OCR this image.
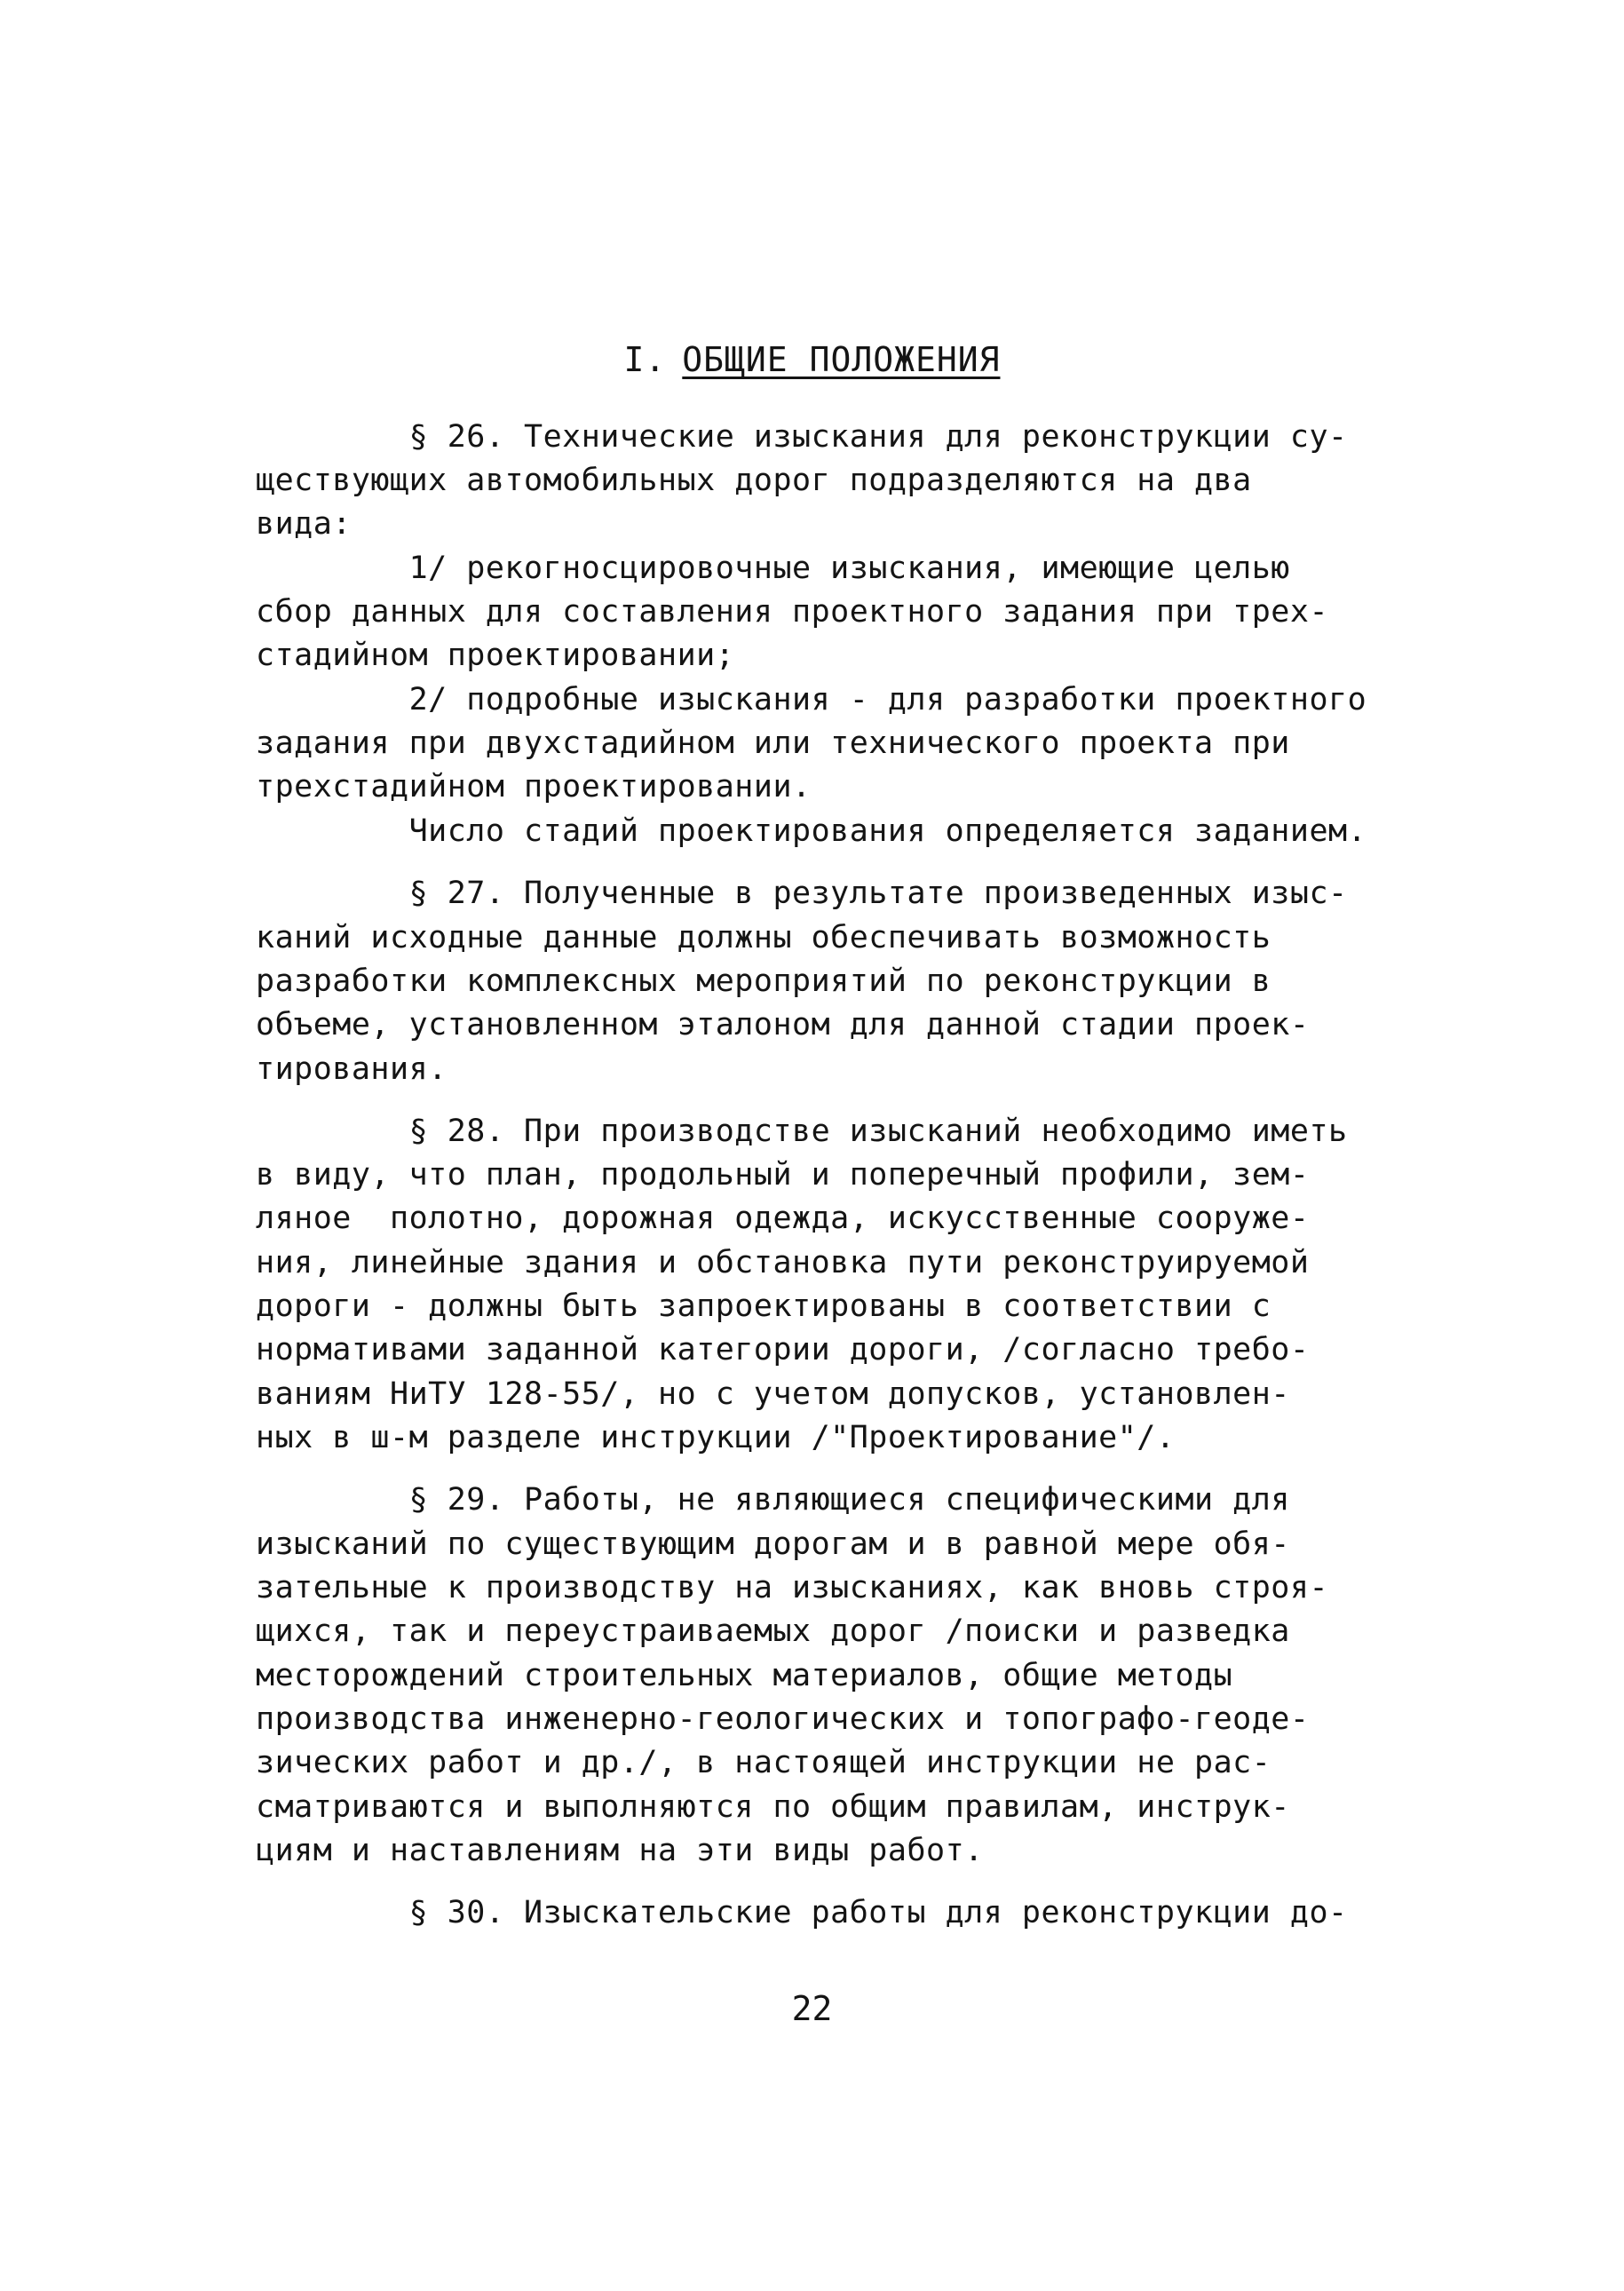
I. ОБЩИЕ ПОЛОЖЕНИЯ
§ 26. Технические изыскания для реконструкции су-
ществующих автомобильных дорог подразделяются на два
вида:
1/ рекогносцировочные изыскания, имеющие целью
сбор данных для составления проектного задания при трех-
стадийном проектировании;
2/ подробные изыскания - для разработки проектного
задания при двухстадийном или технического проекта при
трехстадийном проектировании.
Число стадий проектирования определяется заданием.
§ 27. Полученные в результате произведенных изыс-
каний исходные данные должны обеспечивать возможность
разработки комплексных мероприятий по реконструкции в
объеме, установленном эталоном для данной стадии проек-
тирования.
§ 28. При производстве изысканий необходимо иметь
в виду, что план, продольный и поперечный профили, зем-
ляное  полотно, дорожная одежда, искусственные сооруже-
ния, линейные здания и обстановка пути реконструируемой
дороги - должны быть запроектированы в соответствии с
нормативами заданной категории дороги, /согласно требо-
ваниям НиТУ 128-55/, но с учетом допусков, установлен-
ных в ш-м разделе инструкции /"Проектирование"/.
§ 29. Работы, не являющиеся специфическими для
изысканий по существующим дорогам и в равной мере обя-
зательные к производству на изысканиях, как вновь строя-
щихся, так и переустраиваемых дорог /поиски и разведка
месторождений строительных материалов, общие методы
производства инженерно-геологических и топографо-геоде-
зических работ и др./, в настоящей инструкции не рас-
сматриваются и выполняются по общим правилам, инструк-
циям и наставлениям на эти виды работ.
§ 30. Изыскательские работы для реконструкции до-
22
